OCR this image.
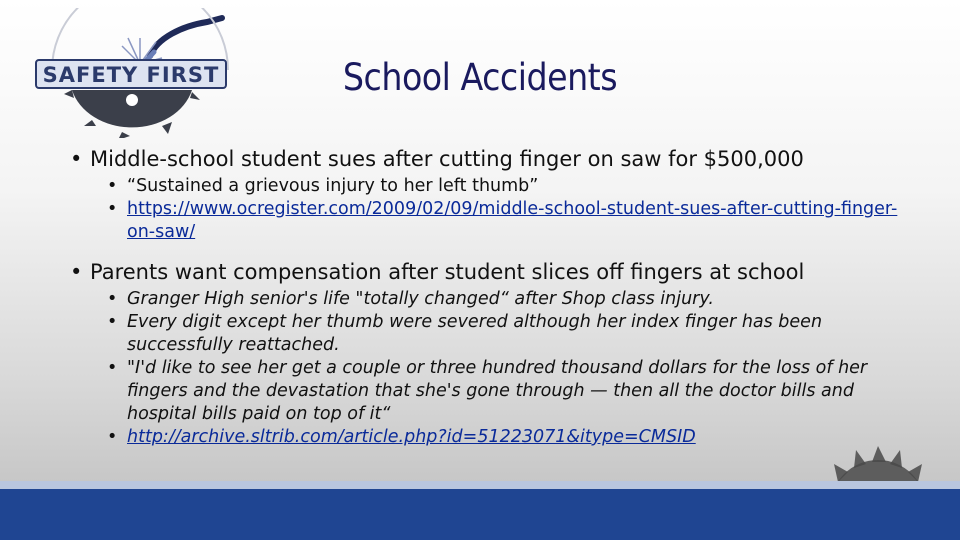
SAFETY FIRST	School Accidents
• Middle-school student sues after cutting finger on saw for $500,000
• “Sustained a grievous injury to her left thumb”
• https://www.ocregister.com/2009/02/09/middle-school-student-sues-after-cutting-finger-on-saw/
• Parents want compensation after student slices off fingers at school
• Granger High senior's life "totally changed“ after Shop class injury.
• Every digit except her thumb were severed although her index finger has been successfully reattached.
• "I'd like to see her get a couple or three hundred thousand dollars for the loss of her fingers and the devastation that she's gone through — then all the doctor bills and hospital bills paid on top of it“
• http://archive.sltrib.com/article.php?id=51223071&itype=CMSID
